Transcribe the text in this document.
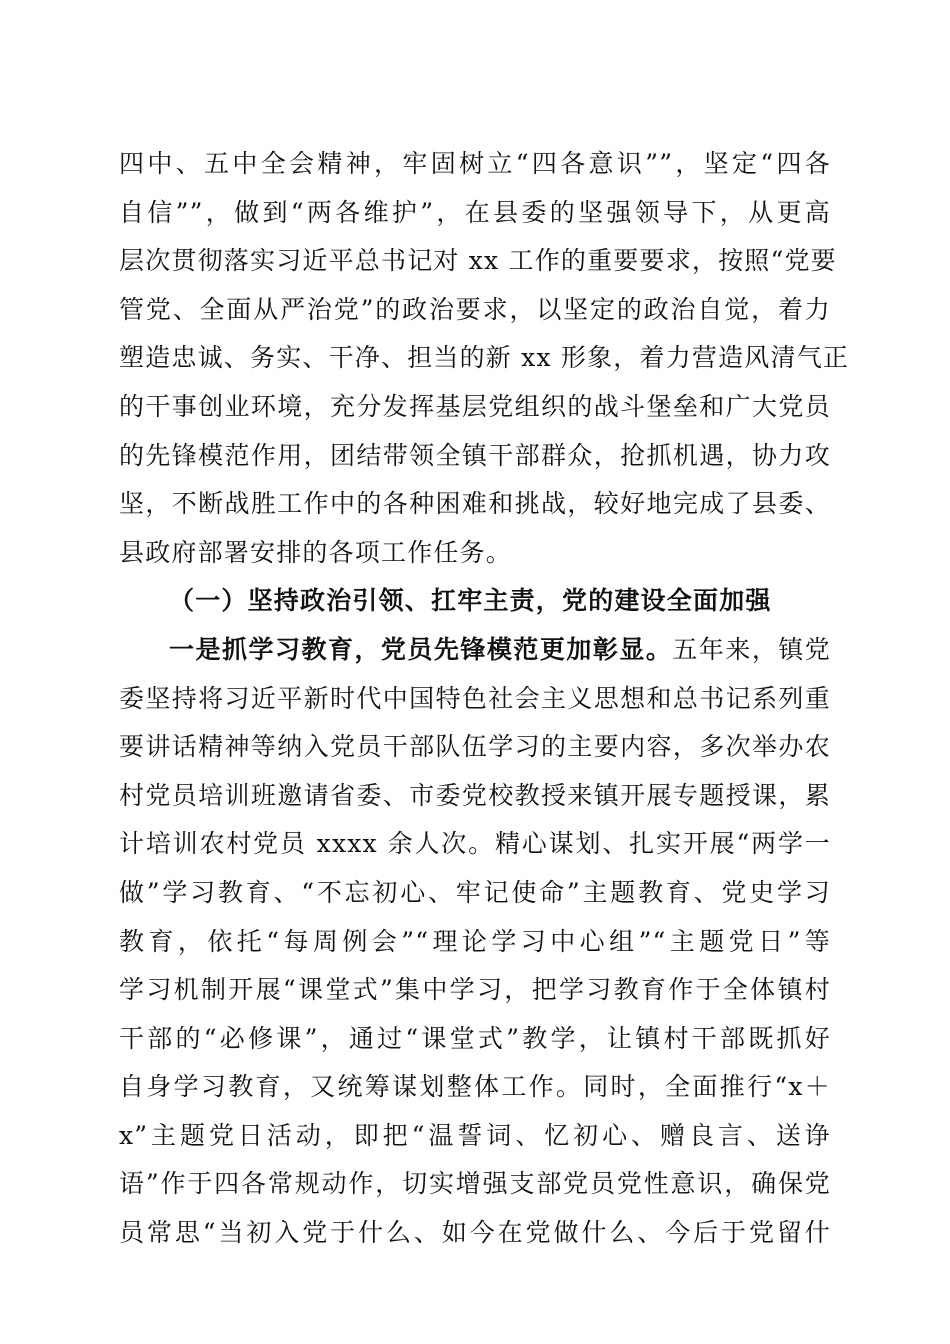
四中、五中全会精神，牢固树立“四各意识””，坚定“四各
自信””，做到“两各维护”，在县委的坚强领导下，从更高
层次贯彻落实习近平总书记对 xx 工作的重要要求，按照“党要
管党、全面从严治党”的政治要求，以坚定的政治自觉，着力
塑造忠诚、务实、干净、担当的新 xx 形象，着力营造风清气正
的干事创业环境，充分发挥基层党组织的战斗堡垒和广大党员
的先锋模范作用，团结带领全镇干部群众，抢抓机遇，协力攻
坚，不断战胜工作中的各种困难和挑战，较好地完成了县委、
县政府部署安排的各项工作任务。
（一）坚持政治引领、扛牢主责，党的建设全面加强
一是抓学习教育，党员先锋模范更加彰显。五年来，镇党
委坚持将习近平新时代中国特色社会主义思想和总书记系列重
要讲话精神等纳入党员干部队伍学习的主要内容，多次举办农
村党员培训班邀请省委、市委党校教授来镇开展专题授课，累
计培训农村党员 xxxx 余人次。精心谋划、扎实开展“两学一
做”学习教育、“不忘初心、牢记使命”主题教育、党史学习
教育，依托“每周例会”“理论学习中心组”“主题党日”等
学习机制开展“课堂式”集中学习，把学习教育作于全体镇村
干部的“必修课”，通过“课堂式”教学，让镇村干部既抓好
自身学习教育，又统筹谋划整体工作。同时，全面推行“x＋
x”主题党日活动，即把“温誓词、忆初心、赠良言、送诤
语”作于四各常规动作，切实增强支部党员党性意识，确保党
员常思“当初入党于什么、如今在党做什么、今后于党留什
